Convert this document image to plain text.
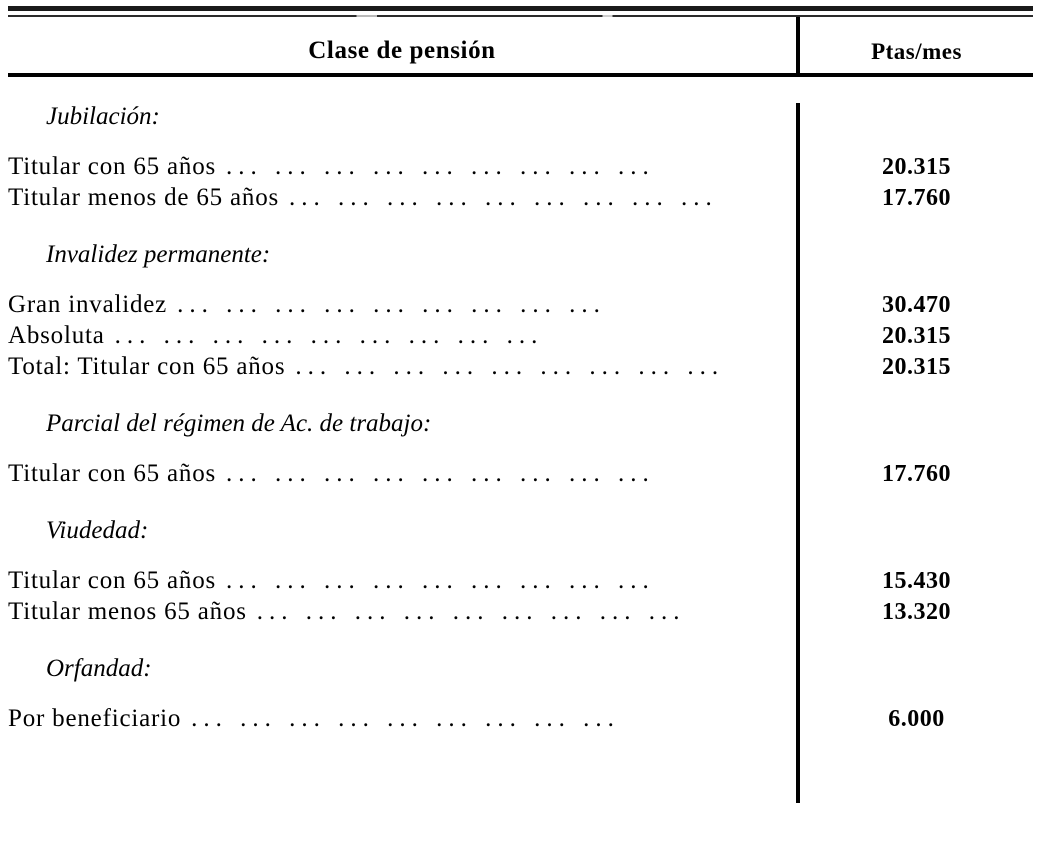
Clase de pensión	Ptas/mes
Jubilación:
Titular con 65 años ... ... ... ... ... ... ... ... ...	20.315
Titular menos de 65 años ... ... ... ... ... ... ... ... ...	17.760
Invalidez permanente:
Gran invalidez ... ... ... ... ... ... ... ... ...	30.470
Absoluta ... ... ... ... ... ... ... ... ...	20.315
Total: Titular con 65 años ... ... ... ... ... ... ... ... ...	20.315
Parcial del régimen de Ac. de trabajo:
Titular con 65 años ... ... ... ... ... ... ... ... ...	17.760
Viudedad:
Titular con 65 años ... ... ... ... ... ... ... ... ...	15.430
Titular menos 65 años ... ... ... ... ... ... ... ... ...	13.320
Orfandad:
Por beneficiario ... ... ... ... ... ... ... ... ...	6.000
